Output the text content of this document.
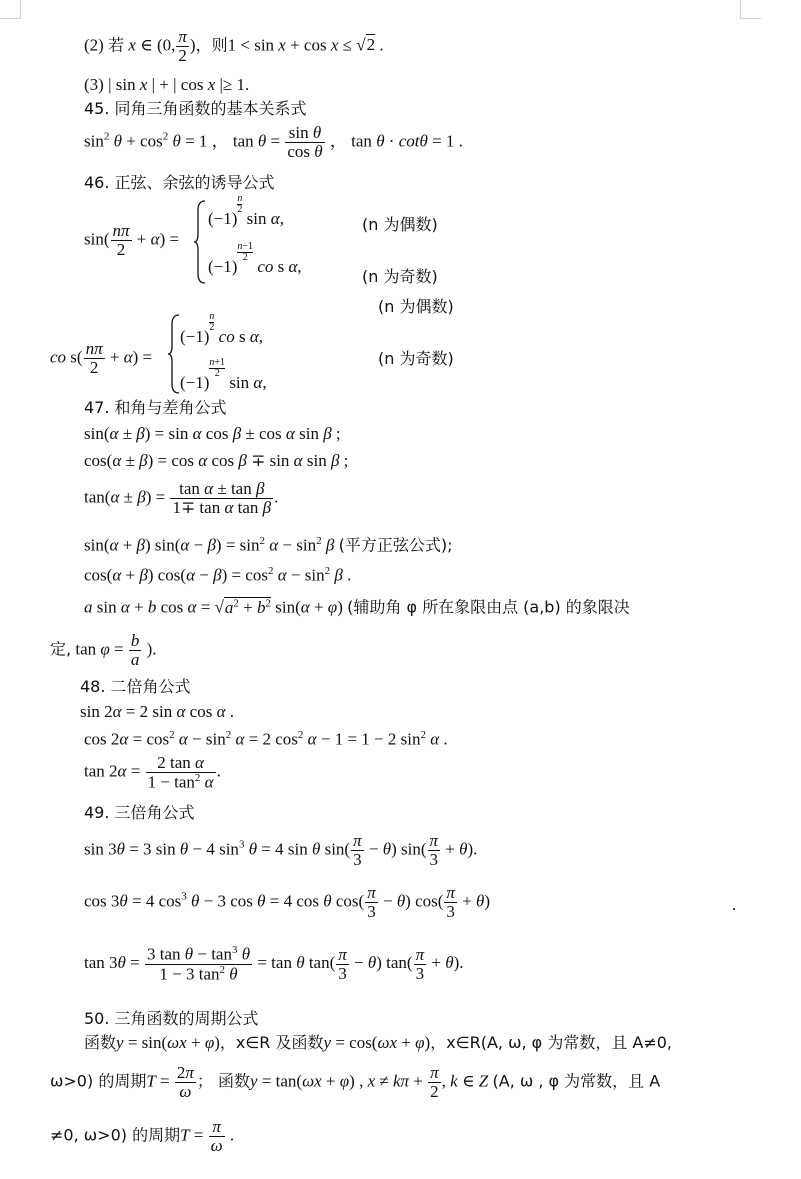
(2) 若 x ∈ (0, $\frac{\pi}{2}$ )，则1 < sin x + cos x ≤ √2 .
(3) | sin x | + | cos x |≥ 1.
45. 同角三角函数的基本关系式
$\sin^2 \theta + \cos^2 \theta = 1$ ， $\tan \theta = \frac{\text{sin θ}}{\text{cos θ}}$ ， tan θ · cotθ = 1 .
46. 正弦、余弦的诱导公式
$\sin( \frac{n\pi}{2} + \alpha)$ =
(−1)
$\frac{n}{2}$
sin α,
(−1)
$\frac{n-1}{2}$
co s α,
(n 为偶数)
(n 为奇数)
(n 为偶数)
co $s( \frac{n\pi}{2} + \alpha)$ =
(−1)
$\frac{n}{2}$
co s α,
(−1)
$\frac{n+1}{2}$
sin α,
(n 为奇数)
47. 和角与差角公式
sin(α ± β) = sin α cos β ± cos α sin β ;
cos(α ± β) = cos α cos β ∓ sin α sin β ;
$\tan(\alpha \pm \beta) = \frac{\text{tan α ± tan β}}{\text{1∓ tan α tan β}}$ .
sin(α + β) $\sin(\alpha - \beta) = \sin^2 \alpha - \sin^2 \beta$ (平方正弦公式);
cos(α + β) $\cos(\alpha - \beta) = \cos^2 \alpha - \sin^2 \beta$ .
a sin α + b $\cos \alpha = √a^2 + b^2$ sin(α + φ) (辅助角 φ 所在象限由点 (a,b) 的象限决
定, $\tan \varphi = \frac{b}{a}$ ).
48. 二倍角公式
sin 2α = 2 sin α cos α .
$\cos 2\alpha = \cos^2 \alpha - \sin^2 \alpha = 2$ $\cos^2 \alpha - 1 = 1 - 2$ $\sin^2 \alpha$ .
$\tan 2\alpha = \frac{\text{2 tan α}}{1 - \tan^2 \alpha}$ .
49. 三倍角公式
sin 3θ = 3 sin θ − 4 $\sin^3 \theta = 4$ sin θ $\sin( \frac{\pi}{3} - \theta)$ $\sin( \frac{\pi}{3} + \theta)$.
cos 3θ = 4 $\cos^3 \theta - 3$ cos θ = 4 cos θ $\cos( \frac{\pi}{3} - \theta)$ $\cos( \frac{\pi}{3} + \theta)$	.
$\tan 3\theta = \frac{3 \tan \theta - \tan^3 \theta}{1 - 3 \tan^2 \theta} = \tan \theta$ $\tan( \frac{\pi}{3} - \theta)$ $\tan( \frac{\pi}{3} + \theta)$.
50. 三角函数的周期公式
函数y = sin(ωx + φ)，x∈R 及函数y = cos(ωx + φ)，x∈R(A, ω, φ 为常数，且 A≠0,
ω>0) 的周期$T = \frac{2\pi}{\omega}$ ； 函数y = tan(ωx + φ) , $x \ne k\pi + \frac{\pi}{2}$ , k ∈ Z (A, ω , φ 为常数，且 A
≠0, ω>0) 的周期$T = \frac{\pi}{\omega}$ .
